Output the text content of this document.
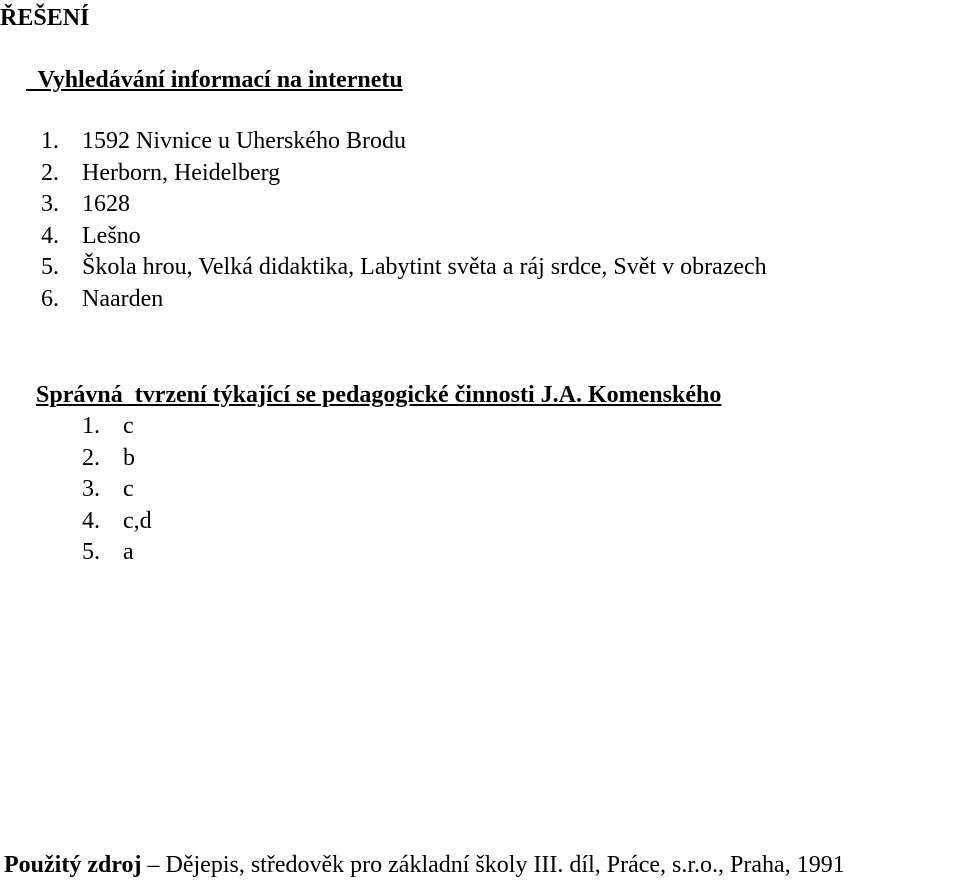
ŘEŠENÍ
Vyhledávání informací na internetu
1. 1592 Nivnice u Uherského Brodu
2. Herborn, Heidelberg
3. 1628
4. Lešno
5. Škola hrou, Velká didaktika, Labytint světa a ráj srdce, Svět v obrazech
6. Naarden
Správná  tvrzení týkající se pedagogické činnosti J.A. Komenského
1. c
2. b
3. c
4. c,d
5. a

Použitý zdroj – Dějepis, středověk pro základní školy III. díl, Práce, s.r.o., Praha, 1991
